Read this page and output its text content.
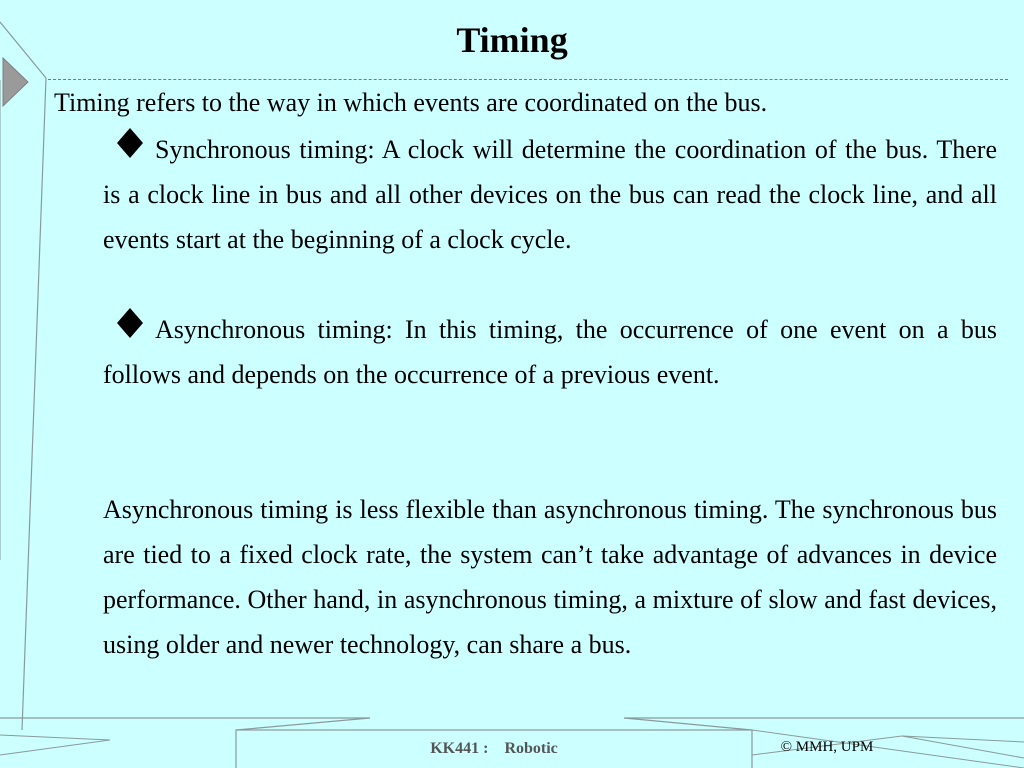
Timing
Timing refers to the way in which events are coordinated on the bus.
Synchronous timing: A clock will determine the coordination of the bus. There is a clock line in bus and all other devices on the bus can read the clock line, and all events start at the beginning of a clock cycle.
Asynchronous timing: In this timing, the occurrence of one event on a bus follows and depends on the occurrence of a previous event.
Asynchronous timing is less flexible than asynchronous timing. The synchronous bus are tied to a fixed clock rate, the system can’t take advantage of advances in device performance. Other hand, in asynchronous timing, a mixture of slow and fast devices, using older and newer technology, can share a bus.
KK441 : Robotic	© MMH, UPM
